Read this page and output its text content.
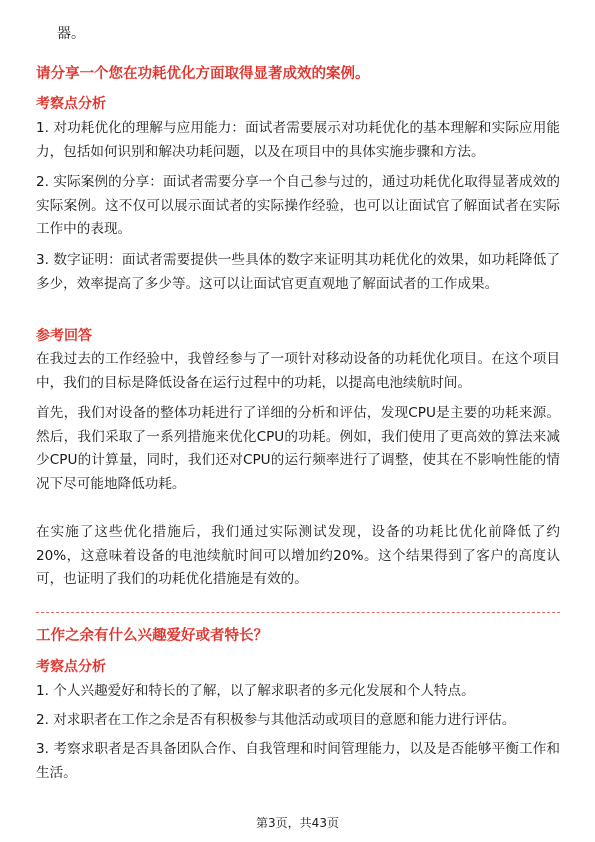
器。
请分享一个您在功耗优化方面取得显著成效的案例。
考察点分析
1. 对功耗优化的理解与应用能力：面试者需要展示对功耗优化的基本理解和实际应用能力，包括如何识别和解决功耗问题，以及在项目中的具体实施步骤和方法。
2. 实际案例的分享：面试者需要分享一个自己参与过的，通过功耗优化取得显著成效的实际案例。这不仅可以展示面试者的实际操作经验，也可以让面试官了解面试者在实际工作中的表现。
3. 数字证明：面试者需要提供一些具体的数字来证明其功耗优化的效果，如功耗降低了多少，效率提高了多少等。这可以让面试官更直观地了解面试者的工作成果。
参考回答
在我过去的工作经验中，我曾经参与了一项针对移动设备的功耗优化项目。在这个项目中，我们的目标是降低设备在运行过程中的功耗，以提高电池续航时间。
首先，我们对设备的整体功耗进行了详细的分析和评估，发现CPU是主要的功耗来源。然后，我们采取了一系列措施来优化CPU的功耗。例如，我们使用了更高效的算法来减少CPU的计算量，同时，我们还对CPU的运行频率进行了调整，使其在不影响性能的情况下尽可能地降低功耗。
在实施了这些优化措施后，我们通过实际测试发现，设备的功耗比优化前降低了约20%，这意味着设备的电池续航时间可以增加约20%。这个结果得到了客户的高度认可，也证明了我们的功耗优化措施是有效的。
工作之余有什么兴趣爱好或者特长？
考察点分析
1. 个人兴趣爱好和特长的了解，以了解求职者的多元化发展和个人特点。
2. 对求职者在工作之余是否有积极参与其他活动或项目的意愿和能力进行评估。
3. 考察求职者是否具备团队合作、自我管理和时间管理能力，以及是否能够平衡工作和生活。
第3页，共43页
